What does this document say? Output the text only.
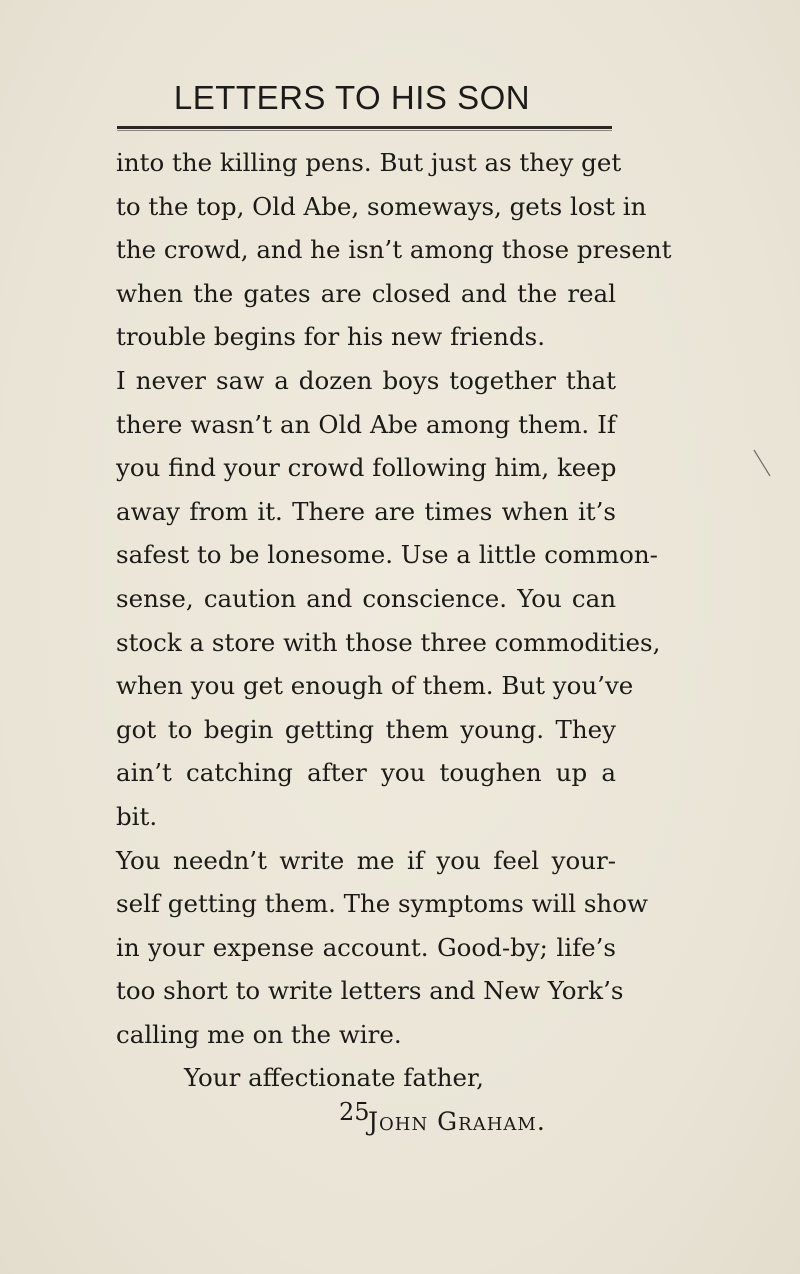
LETTERS TO HIS SON
into the killing pens. But just as they get
to the top, Old Abe, someways, gets lost in
the crowd, and he isn’t among those present
when the gates are closed and the real
trouble begins for his new friends.
I never saw a dozen boys together that
there wasn’t an Old Abe among them. If
you find your crowd following him, keep
away from it. There are times when it’s
safest to be lonesome. Use a little common-
sense, caution and conscience. You can
stock a store with those three commodities,
when you get enough of them. But you’ve
got to begin getting them young. They
ain’t catching after you toughen up a
bit.
You needn’t write me if you feel your-
self getting them. The symptoms will show
in your expense account. Good-by; life’s
too short to write letters and New York’s
calling me on the wire.
Your affectionate father,
John Graham.
25
